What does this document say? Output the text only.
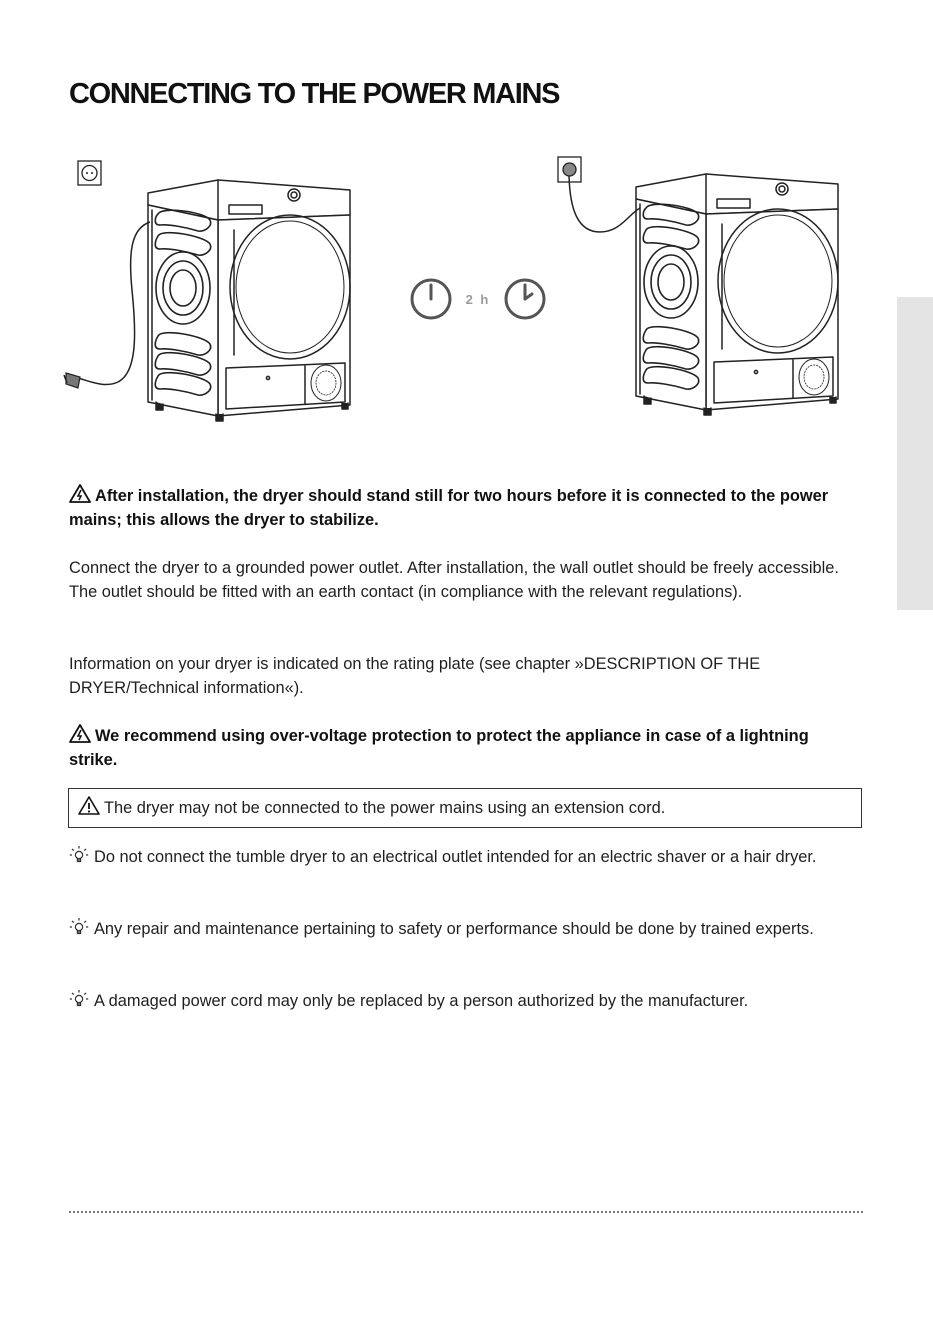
CONNECTING TO THE POWER MAINS
2 h

After installation, the dryer should stand still for two hours before it is connected to the power mains; this allows the dryer to stabilize.

Connect the dryer to a grounded power outlet. After installation, the wall outlet should be freely accessible. The outlet should be fitted with an earth contact (in compliance with the relevant regulations).

Information on your dryer is indicated on the rating plate (see chapter »DESCRIPTION OF THE DRYER/Technical information«).

We recommend using over-voltage protection to protect the appliance in case of a lightning strike.

The dryer may not be connected to the power mains using an extension cord.

Do not connect the tumble dryer to an electrical outlet intended for an electric shaver or a hair dryer.

Any repair and maintenance pertaining to safety or performance should be done by trained experts.

A damaged power cord may only be replaced by a person authorized by the manufacturer.
